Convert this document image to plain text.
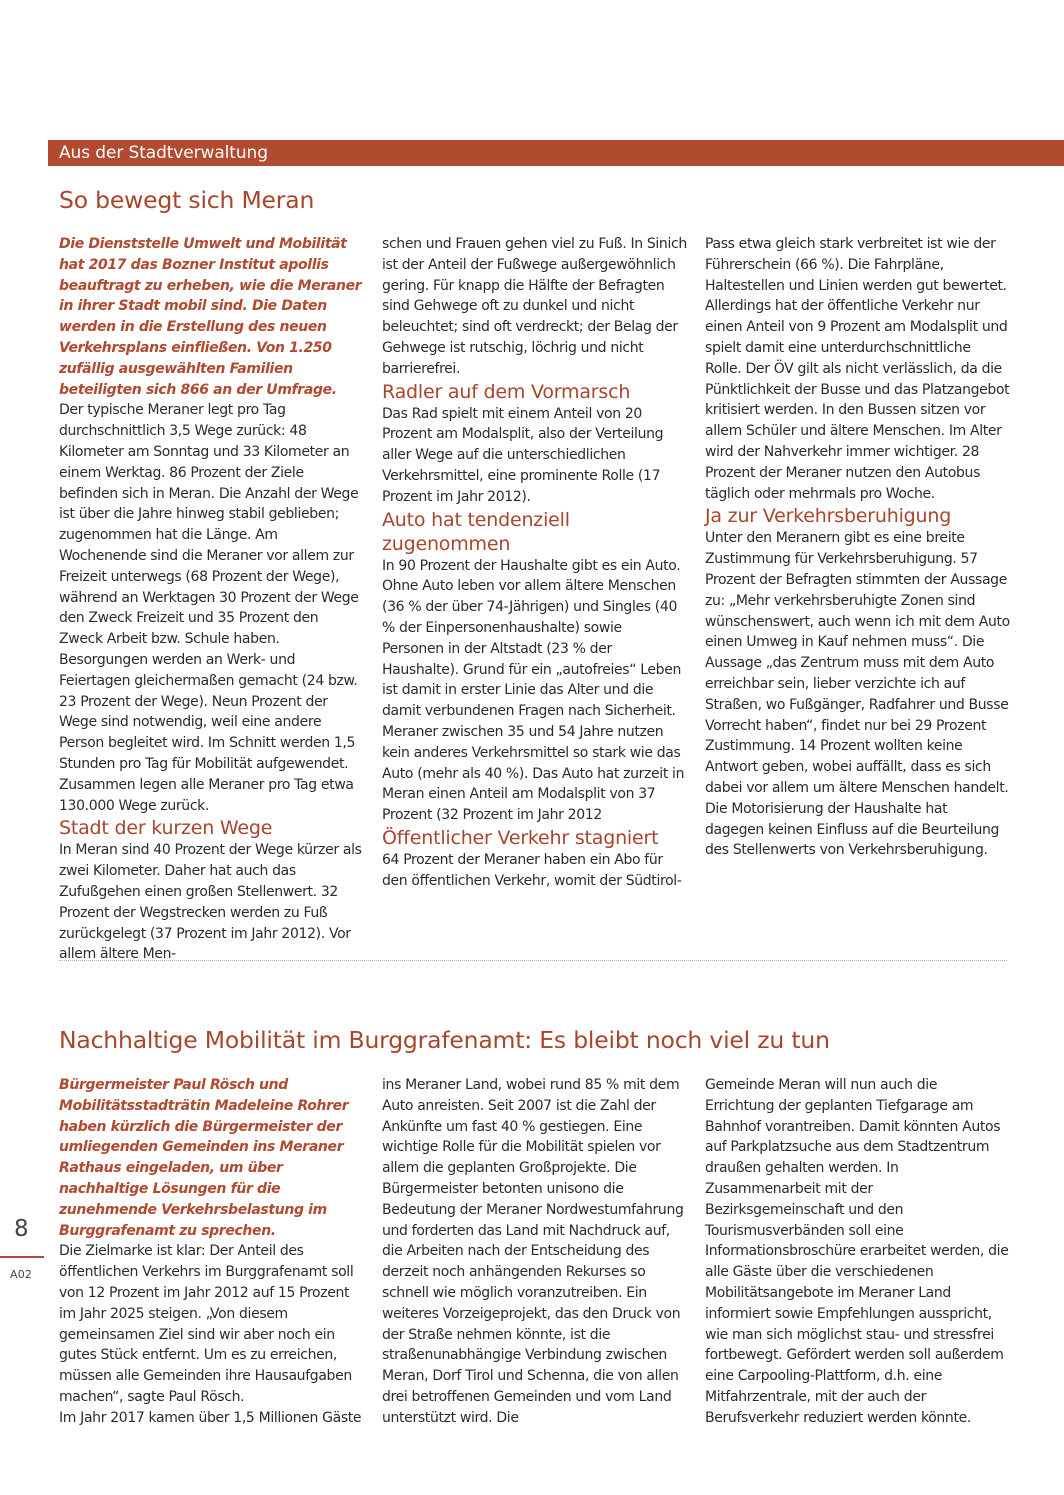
Aus der Stadtverwaltung
So bewegt sich Meran

Die Dienststelle Umwelt und Mobilität hat 2017 das Bozner Institut apollis beauftragt zu erheben, wie die Meraner in ihrer Stadt mobil sind. Die Daten werden in die Erstellung des neuen Verkehrsplans einfließen. Von 1.250 zufällig ausgewählten Familien beteiligten sich 866 an der Umfrage.

Der typische Meraner legt pro Tag durchschnittlich 3,5 Wege zurück: 48 Kilometer am Sonntag und 33 Kilometer an einem Werktag. 86 Prozent der Ziele befinden sich in Meran. Die Anzahl der Wege ist über die Jahre hinweg stabil geblieben; zugenommen hat die Länge. Am Wochenende sind die Meraner vor allem zur Freizeit unterwegs (68 Prozent der Wege), während an Werktagen 30 Prozent der Wege den Zweck Freizeit und 35 Prozent den Zweck Arbeit bzw. Schule haben. Besorgungen werden an Werk- und Feiertagen gleichermaßen gemacht (24 bzw. 23 Prozent der Wege). Neun Prozent der Wege sind notwendig, weil eine andere Person begleitet wird. Im Schnitt werden 1,5 Stunden pro Tag für Mobilität aufgewendet. Zusammen legen alle Meraner pro Tag etwa 130.000 Wege zurück.

Stadt der kurzen Wege

In Meran sind 40 Prozent der Wege kürzer als zwei Kilometer. Daher hat auch das Zufußgehen einen großen Stellenwert. 32 Prozent der Wegstrecken werden zu Fuß zurückgelegt (37 Prozent im Jahr 2012). Vor allem ältere Men-

schen und Frauen gehen viel zu Fuß. In Sinich ist der Anteil der Fußwege außergewöhnlich gering. Für knapp die Hälfte der Befragten sind Gehwege oft zu dunkel und nicht beleuchtet; sind oft verdreckt; der Belag der Gehwege ist rutschig, löchrig und nicht barrierefrei.

Radler auf dem Vormarsch

Das Rad spielt mit einem Anteil von 20 Prozent am Modalsplit, also der Verteilung aller Wege auf die unterschiedlichen Verkehrsmittel, eine prominente Rolle (17 Prozent im Jahr 2012).

Auto hat tendenziell zugenommen

In 90 Prozent der Haushalte gibt es ein Auto. Ohne Auto leben vor allem ältere Menschen (36 % der über 74-Jährigen) und Singles (40 % der Einpersonenhaushalte) sowie Personen in der Altstadt (23 % der Haushalte). Grund für ein „autofreies“ Leben ist damit in erster Linie das Alter und die damit verbundenen Fragen nach Sicherheit. Meraner zwischen 35 und 54 Jahre nutzen kein anderes Verkehrsmittel so stark wie das Auto (mehr als 40 %). Das Auto hat zurzeit in Meran einen Anteil am Modalsplit von 37 Prozent (32 Prozent im Jahr 2012

Öffentlicher Verkehr stagniert

64 Prozent der Meraner haben ein Abo für den öffentlichen Verkehr, womit der Südtirol-

Pass etwa gleich stark verbreitet ist wie der Führerschein (66 %). Die Fahrpläne, Haltestellen und Linien werden gut bewertet. Allerdings hat der öffentliche Verkehr nur einen Anteil von 9 Prozent am Modalsplit und spielt damit eine unterdurchschnittliche Rolle. Der ÖV gilt als nicht verlässlich, da die Pünktlichkeit der Busse und das Platzangebot kritisiert werden. In den Bussen sitzen vor allem Schüler und ältere Menschen. Im Alter wird der Nahverkehr immer wichtiger. 28 Prozent der Meraner nutzen den Autobus täglich oder mehrmals pro Woche.

Ja zur Verkehrsberuhigung

Unter den Meranern gibt es eine breite Zustimmung für Verkehrsberuhigung. 57 Prozent der Befragten stimmten der Aussage zu: „Mehr verkehrsberuhigte Zonen sind wünschenswert, auch wenn ich mit dem Auto einen Umweg in Kauf nehmen muss“. Die Aussage „das Zentrum muss mit dem Auto erreichbar sein, lieber verzichte ich auf Straßen, wo Fußgänger, Radfahrer und Busse Vorrecht haben“, findet nur bei 29 Prozent Zustimmung. 14 Prozent wollten keine Antwort geben, wobei auffällt, dass es sich dabei vor allem um ältere Menschen handelt. Die Motorisierung der Haushalte hat dagegen keinen Einfluss auf die Beurteilung des Stellenwerts von Verkehrsberuhigung.

Nachhaltige Mobilität im Burggrafenamt: Es bleibt noch viel zu tun

Bürgermeister Paul Rösch und Mobilitätsstadträtin Madeleine Rohrer haben kürzlich die Bürgermeister der umliegenden Gemeinden ins Meraner Rathaus eingeladen, um über nachhaltige Lösungen für die zunehmende Verkehrsbelastung im Burggrafenamt zu sprechen.

Die Zielmarke ist klar: Der Anteil des öffentlichen Verkehrs im Burggrafenamt soll von 12 Prozent im Jahr 2012 auf 15 Prozent im Jahr 2025 steigen. „Von diesem gemeinsamen Ziel sind wir aber noch ein gutes Stück entfernt. Um es zu erreichen, müssen alle Gemeinden ihre Hausaufgaben machen“, sagte Paul Rösch.

Im Jahr 2017 kamen über 1,5 Millionen Gäste

ins Meraner Land, wobei rund 85 % mit dem Auto anreisten. Seit 2007 ist die Zahl der Ankünfte um fast 40 % gestiegen. Eine wichtige Rolle für die Mobilität spielen vor allem die geplanten Großprojekte. Die Bürgermeister betonten unisono die Bedeutung der Meraner Nordwestumfahrung und forderten das Land mit Nachdruck auf, die Arbeiten nach der Entscheidung des derzeit noch anhängenden Rekurses so schnell wie möglich voranzutreiben. Ein weiteres Vorzeigeprojekt, das den Druck von der Straße nehmen könnte, ist die straßenunabhängige Verbindung zwischen Meran, Dorf Tirol und Schenna, die von allen drei betroffenen Gemeinden und vom Land unterstützt wird. Die

Gemeinde Meran will nun auch die Errichtung der geplanten Tiefgarage am Bahnhof vorantreiben. Damit könnten Autos auf Parkplatzsuche aus dem Stadtzentrum draußen gehalten werden. In Zusammenarbeit mit der Bezirksgemeinschaft und den Tourismusverbänden soll eine Informationsbroschüre erarbeitet werden, die alle Gäste über die verschiedenen Mobilitätsangebote im Meraner Land informiert sowie Empfehlungen ausspricht, wie man sich möglichst stau- und stressfrei fortbewegt. Gefördert werden soll außerdem eine Carpooling-Plattform, d.h. eine Mitfahrzentrale, mit der auch der Berufsverkehr reduziert werden könnte.

8
A02
